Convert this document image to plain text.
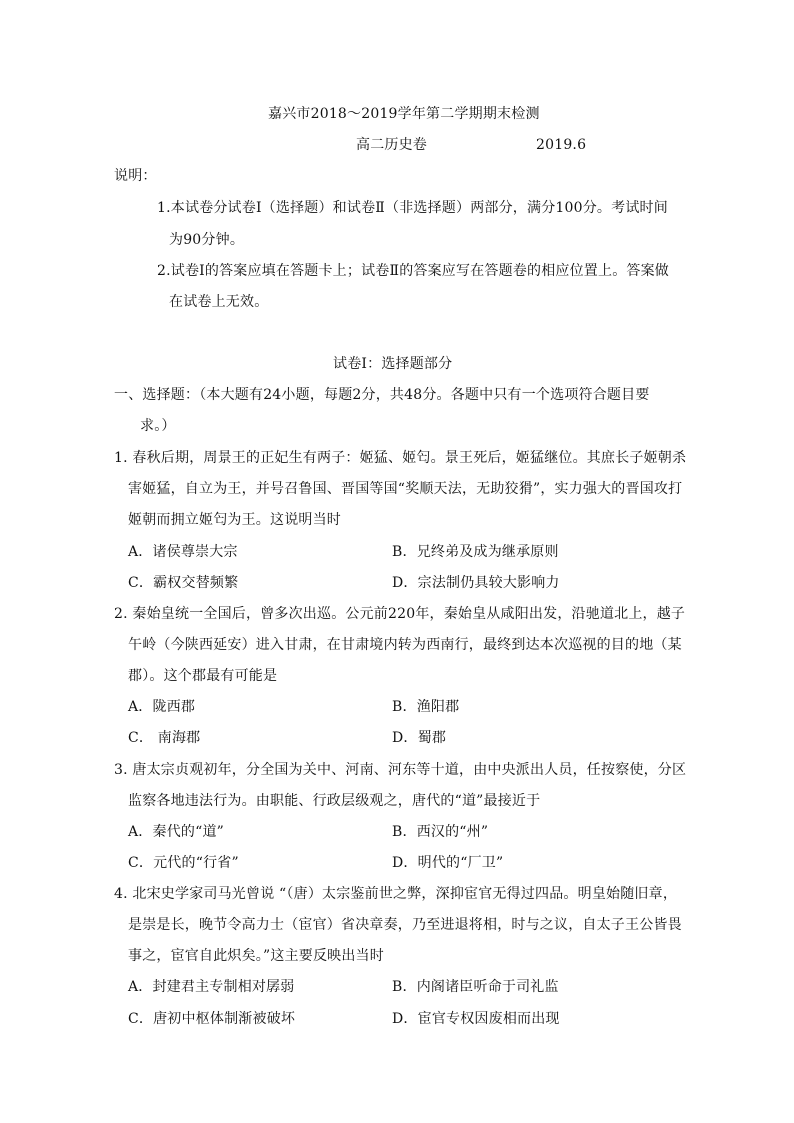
嘉兴市2018～2019学年第二学期期末检测
高二历史卷	2019.6
说明：
1.本试卷分试卷Ⅰ（选择题）和试卷Ⅱ（非选择题）两部分，满分100分。考试时间
为90分钟。
2.试卷Ⅰ的答案应填在答题卡上；试卷Ⅱ的答案应写在答题卷的相应位置上。答案做
在试卷上无效。
试卷Ⅰ：选择题部分
一、选择题：（本大题有24小题，每题2分，共48分。各题中只有一个选项符合题目要
求。）
1. 春秋后期，周景王的正妃生有两子：姬猛、姬匄。景王死后，姬猛继位。其庶长子姬朝杀
害姬猛，自立为王，并号召鲁国、晋国等国“奖顺天法，无助狡猾”，实力强大的晋国攻打
姬朝而拥立姬匄为王。这说明当时
A．诸侯尊崇大宗	B．兄终弟及成为继承原则
C．霸权交替频繁	D．宗法制仍具较大影响力
2. 秦始皇统一全国后，曾多次出巡。公元前220年，秦始皇从咸阳出发，沿驰道北上，越子
午岭（今陕西延安）进入甘肃，在甘肃境内转为西南行，最终到达本次巡视的目的地（某
郡）。这个郡最有可能是
A．陇西郡	B．渔阳郡
C． 南海郡	D．蜀郡
3. 唐太宗贞观初年，分全国为关中、河南、河东等十道，由中央派出人员，任按察使，分区
监察各地违法行为。由职能、行政层级观之，唐代的“道”最接近于
A．秦代的“道”	B．西汉的“州”
C．元代的“行省”	D．明代的“厂卫”
4. 北宋史学家司马光曾说 “（唐）太宗鉴前世之弊，深抑宦官无得过四品。明皇始随旧章，
是崇是长，晚节令高力士（宦官）省决章奏，乃至进退将相，时与之议，自太子王公皆畏
事之，宦官自此炽矣。”这主要反映出当时
A．封建君主专制相对孱弱	B．内阁诸臣听命于司礼监
C．唐初中枢体制渐被破坏	D．宦官专权因废相而出现
